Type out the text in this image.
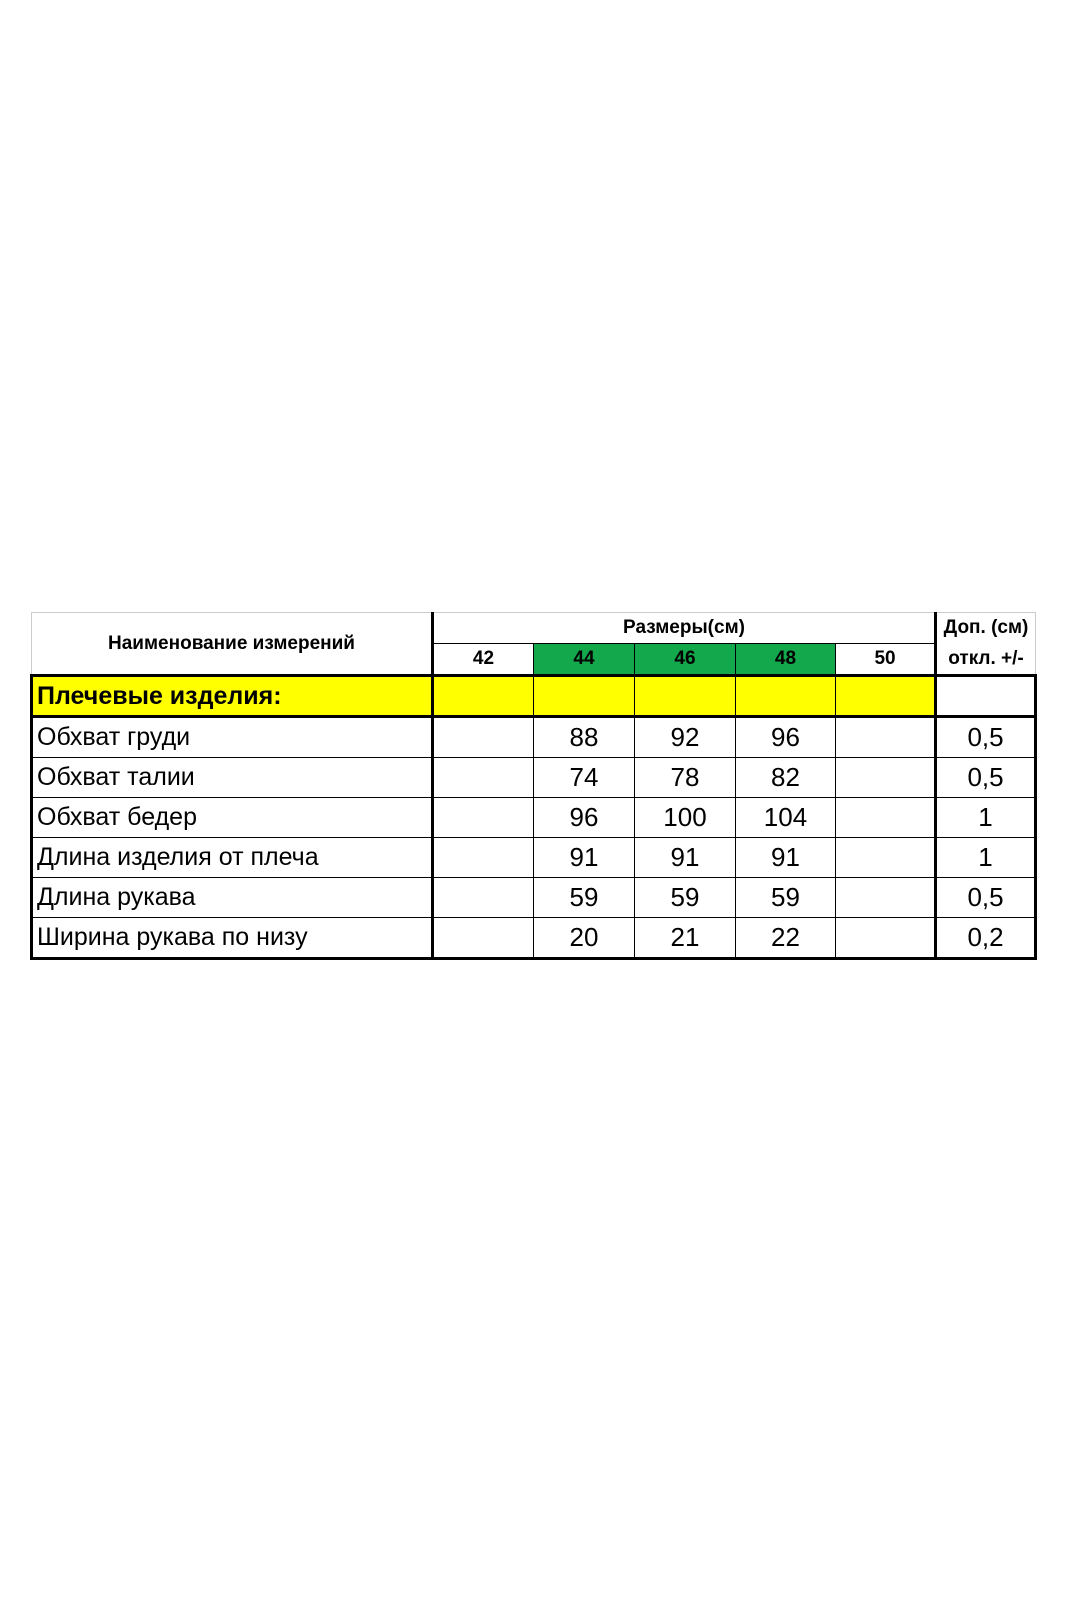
Наименование измерений	Размеры(см)					Доп. (см)
	42	44	46	48	50	откл. +/-
Плечевые изделия:						
Обхват груди		88	92	96		0,5
Обхват талии		74	78	82		0,5
Обхват бедер		96	100	104		1
Длина изделия от плеча		91	91	91		1
Длина рукава		59	59	59		0,5
Ширина рукава по низу		20	21	22		0,2
